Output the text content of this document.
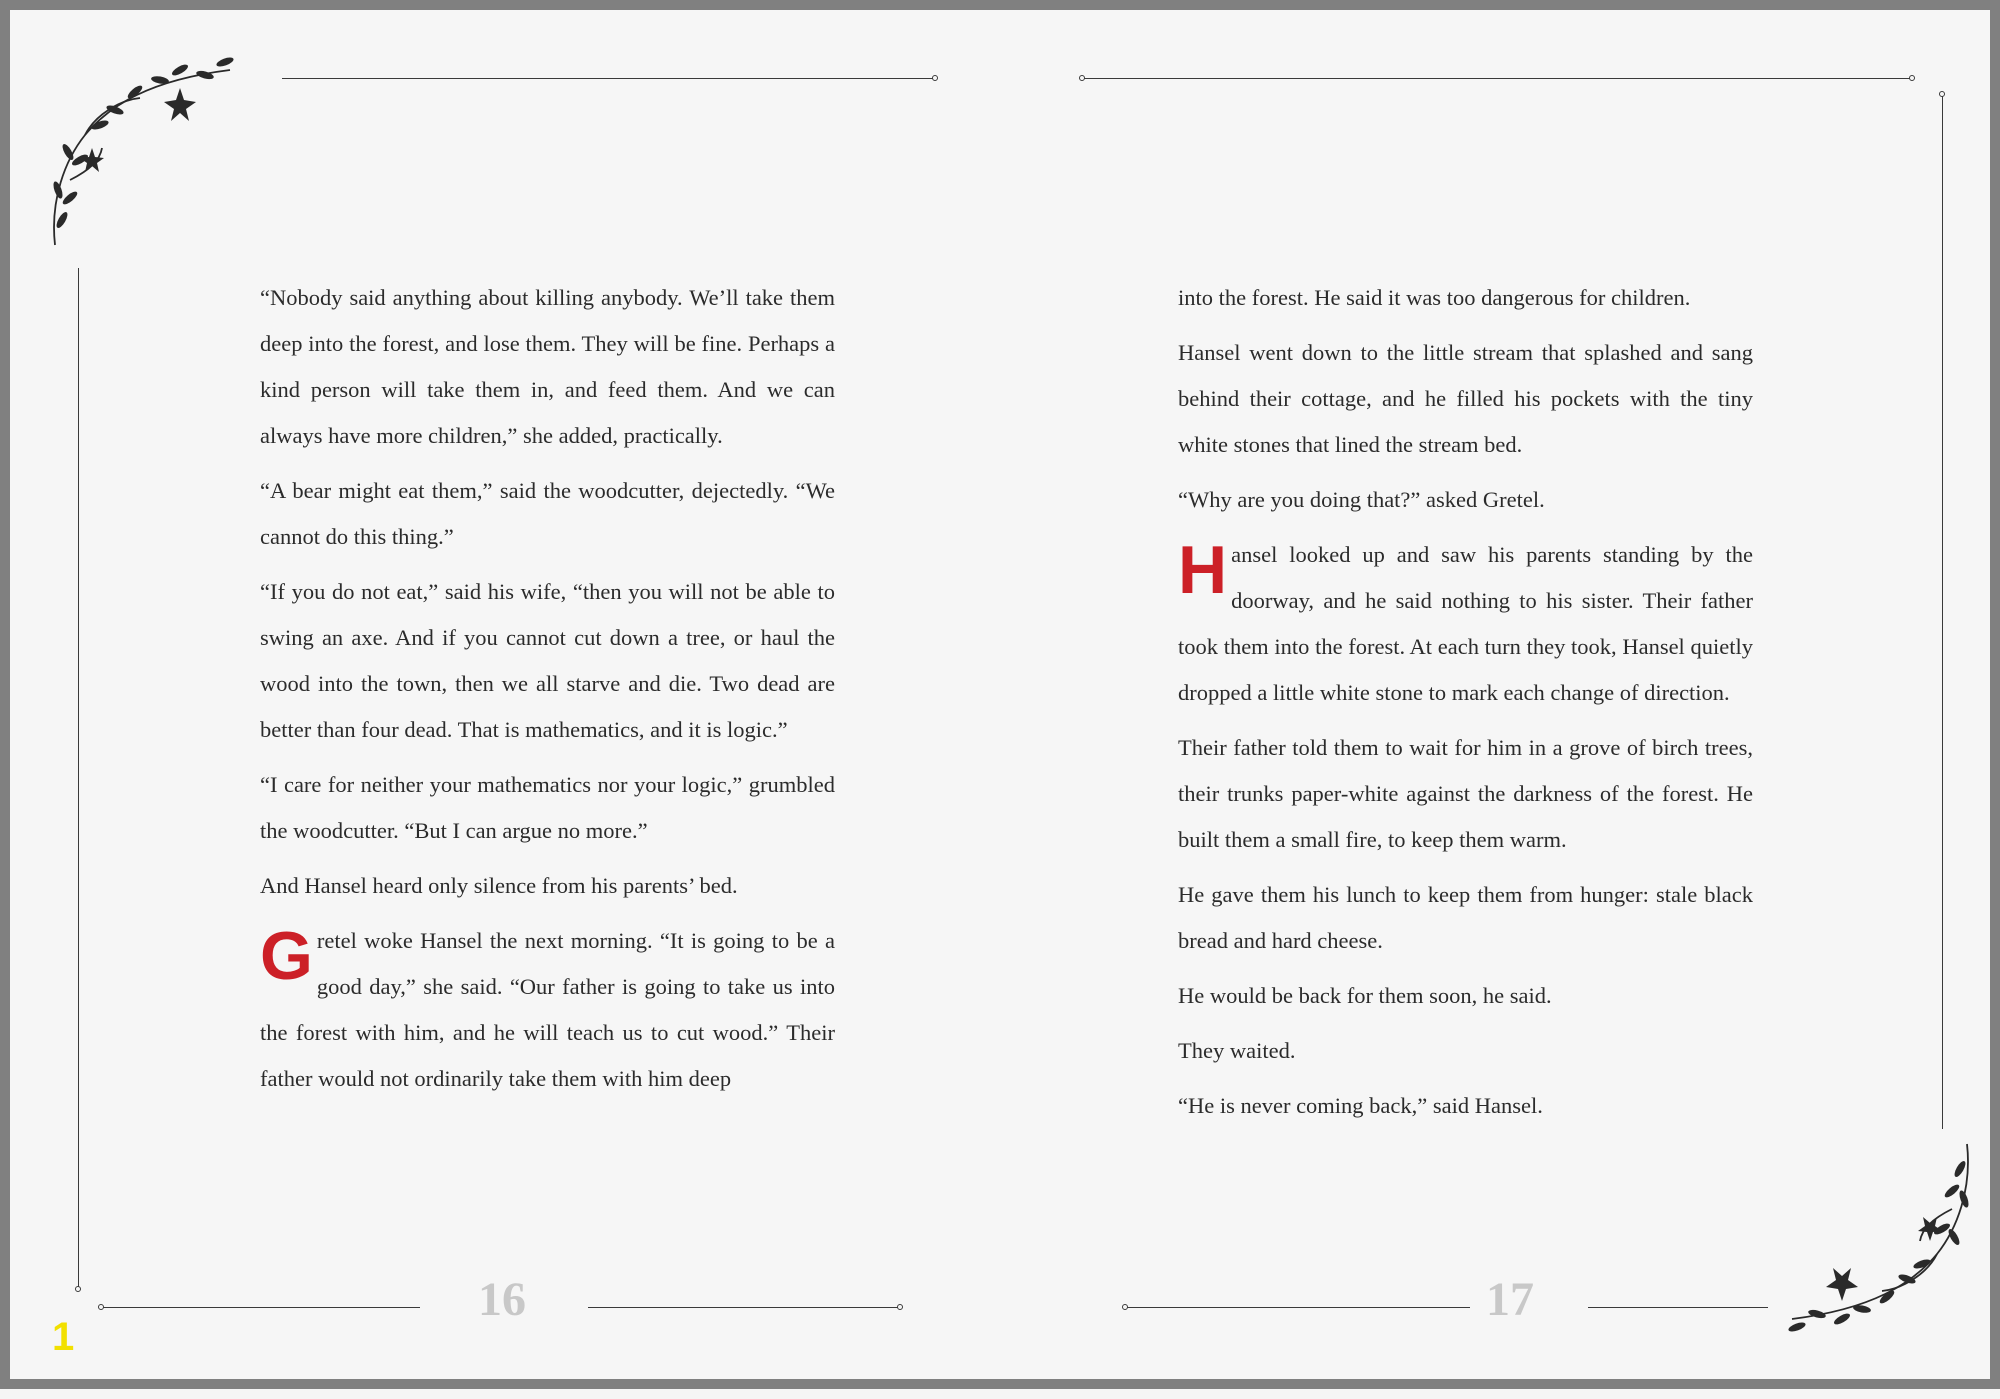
“Nobody said anything about killing anybody. We’ll take them deep into the forest, and lose them. They will be fine. Perhaps a kind person will take them in, and feed them. And we can always have more children,” she added, practically.

“A bear might eat them,” said the woodcutter, dejectedly. “We cannot do this thing.”

“If you do not eat,” said his wife, “then you will not be able to swing an axe. And if you cannot cut down a tree, or haul the wood into the town, then we all starve and die. Two dead are better than four dead. That is mathematics, and it is logic.”

“I care for neither your mathematics nor your logic,” grumbled the woodcutter. “But I can argue no more.”

And Hansel heard only silence from his parents’ bed.

Gretel woke Hansel the next morning. “It is going to be a good day,” she said. “Our father is going to take us into the forest with him, and he will teach us to cut wood.” Their father would not ordinarily take them with him deep

16
1

into the forest. He said it was too dangerous for children.

Hansel went down to the little stream that splashed and sang behind their cottage, and he filled his pockets with the tiny white stones that lined the stream bed.

“Why are you doing that?” asked Gretel.

Hansel looked up and saw his parents standing by the doorway, and he said nothing to his sister. Their father took them into the forest. At each turn they took, Hansel quietly dropped a little white stone to mark each change of direction.

Their father told them to wait for him in a grove of birch trees, their trunks paper-white against the darkness of the forest. He built them a small fire, to keep them warm.

He gave them his lunch to keep them from hunger: stale black bread and hard cheese.

He would be back for them soon, he said.

They waited.

“He is never coming back,” said Hansel.

17
